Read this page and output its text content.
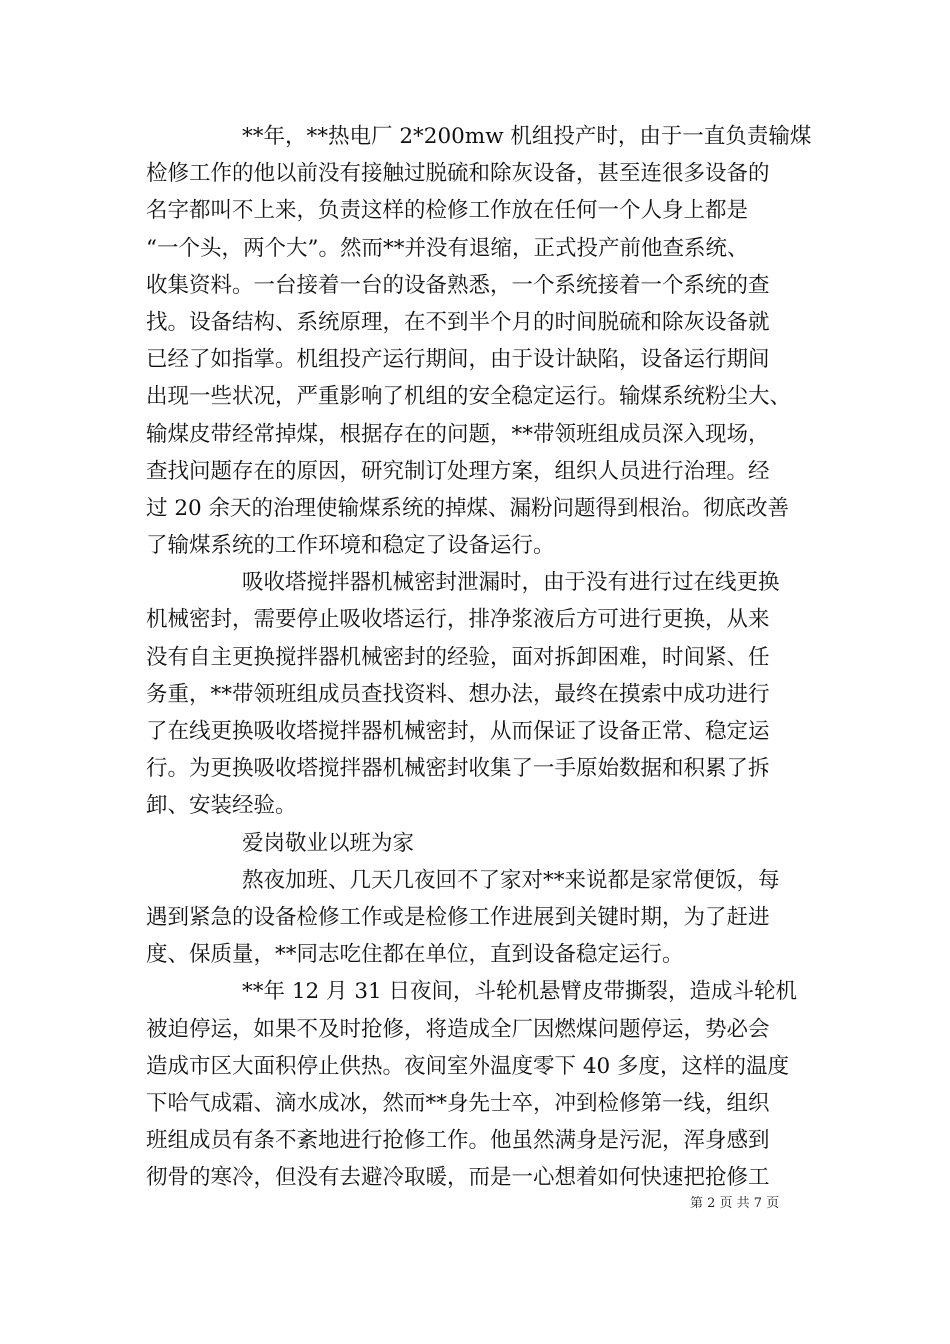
**年，**热电厂 2*200mw 机组投产时，由于一直负责输煤
检修工作的他以前没有接触过脱硫和除灰设备，甚至连很多设备的
名字都叫不上来，负责这样的检修工作放在任何一个人身上都是
“一个头，两个大”。然而**并没有退缩，正式投产前他查系统、
收集资料。一台接着一台的设备熟悉，一个系统接着一个系统的查
找。设备结构、系统原理，在不到半个月的时间脱硫和除灰设备就
已经了如指掌。机组投产运行期间，由于设计缺陷，设备运行期间
出现一些状况，严重影响了机组的安全稳定运行。输煤系统粉尘大、
输煤皮带经常掉煤，根据存在的问题，**带领班组成员深入现场，
查找问题存在的原因，研究制订处理方案，组织人员进行治理。经
过 20 余天的治理使输煤系统的掉煤、漏粉问题得到根治。彻底改善
了输煤系统的工作环境和稳定了设备运行。
吸收塔搅拌器机械密封泄漏时，由于没有进行过在线更换
机械密封，需要停止吸收塔运行，排净浆液后方可进行更换，从来
没有自主更换搅拌器机械密封的经验，面对拆卸困难，时间紧、任
务重，**带领班组成员查找资料、想办法，最终在摸索中成功进行
了在线更换吸收塔搅拌器机械密封，从而保证了设备正常、稳定运
行。为更换吸收塔搅拌器机械密封收集了一手原始数据和积累了拆
卸、安装经验。
爱岗敬业以班为家
熬夜加班、几天几夜回不了家对**来说都是家常便饭，每
遇到紧急的设备检修工作或是检修工作进展到关键时期，为了赶进
度、保质量，**同志吃住都在单位，直到设备稳定运行。
**年 12 月 31 日夜间，斗轮机悬臂皮带撕裂，造成斗轮机
被迫停运，如果不及时抢修，将造成全厂因燃煤问题停运，势必会
造成市区大面积停止供热。夜间室外温度零下 40 多度，这样的温度
下哈气成霜、滴水成冰，然而**身先士卒，冲到检修第一线，组织
班组成员有条不紊地进行抢修工作。他虽然满身是污泥，浑身感到
彻骨的寒冷，但没有去避冷取暖，而是一心想着如何快速把抢修工
第 2 页 共 7 页
